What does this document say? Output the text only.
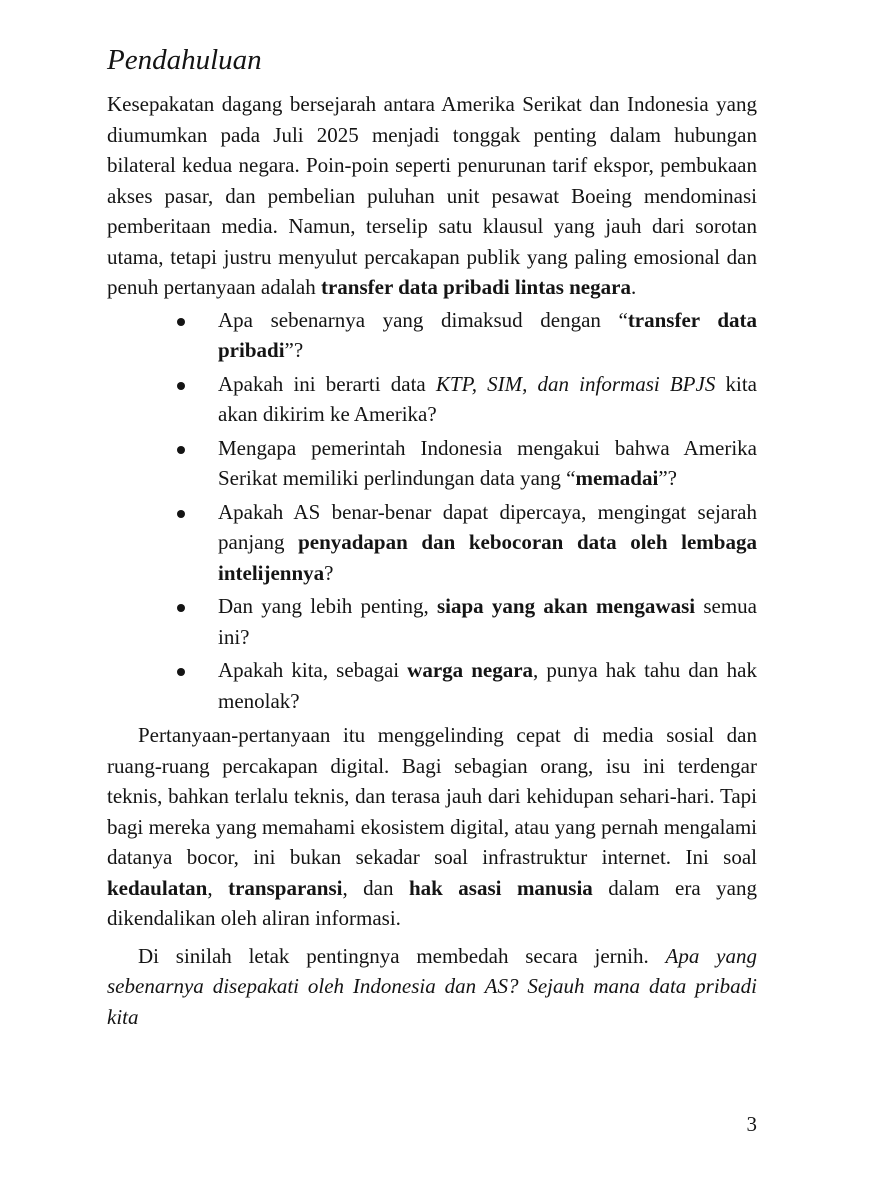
Pendahuluan

Kesepakatan dagang bersejarah antara Amerika Serikat dan Indonesia yang diumumkan pada Juli 2025 menjadi tonggak penting dalam hubungan bilateral kedua negara. Poin-poin seperti penurunan tarif ekspor, pembukaan akses pasar, dan pembelian puluhan unit pesawat Boeing mendominasi pemberitaan media. Namun, terselip satu klausul yang jauh dari sorotan utama, tetapi justru menyulut percakapan publik yang paling emosional dan penuh pertanyaan adalah transfer data pribadi lintas negara.

Apa sebenarnya yang dimaksud dengan “transfer data pribadi”?
Apakah ini berarti data KTP, SIM, dan informasi BPJS kita akan dikirim ke Amerika?
Mengapa pemerintah Indonesia mengakui bahwa Amerika Serikat memiliki perlindungan data yang “memadai”?
Apakah AS benar-benar dapat dipercaya, mengingat sejarah panjang penyadapan dan kebocoran data oleh lembaga intelijennya?
Dan yang lebih penting, siapa yang akan mengawasi semua ini?
Apakah kita, sebagai warga negara, punya hak tahu dan hak menolak?

Pertanyaan-pertanyaan itu menggelinding cepat di media sosial dan ruang-ruang percakapan digital. Bagi sebagian orang, isu ini terdengar teknis, bahkan terlalu teknis, dan terasa jauh dari kehidupan sehari-hari. Tapi bagi mereka yang memahami ekosistem digital, atau yang pernah mengalami datanya bocor, ini bukan sekadar soal infrastruktur internet. Ini soal kedaulatan, transparansi, dan hak asasi manusia dalam era yang dikendalikan oleh aliran informasi.

Di sinilah letak pentingnya membedah secara jernih. Apa yang sebenarnya disepakati oleh Indonesia dan AS? Sejauh mana data pribadi kita

3
